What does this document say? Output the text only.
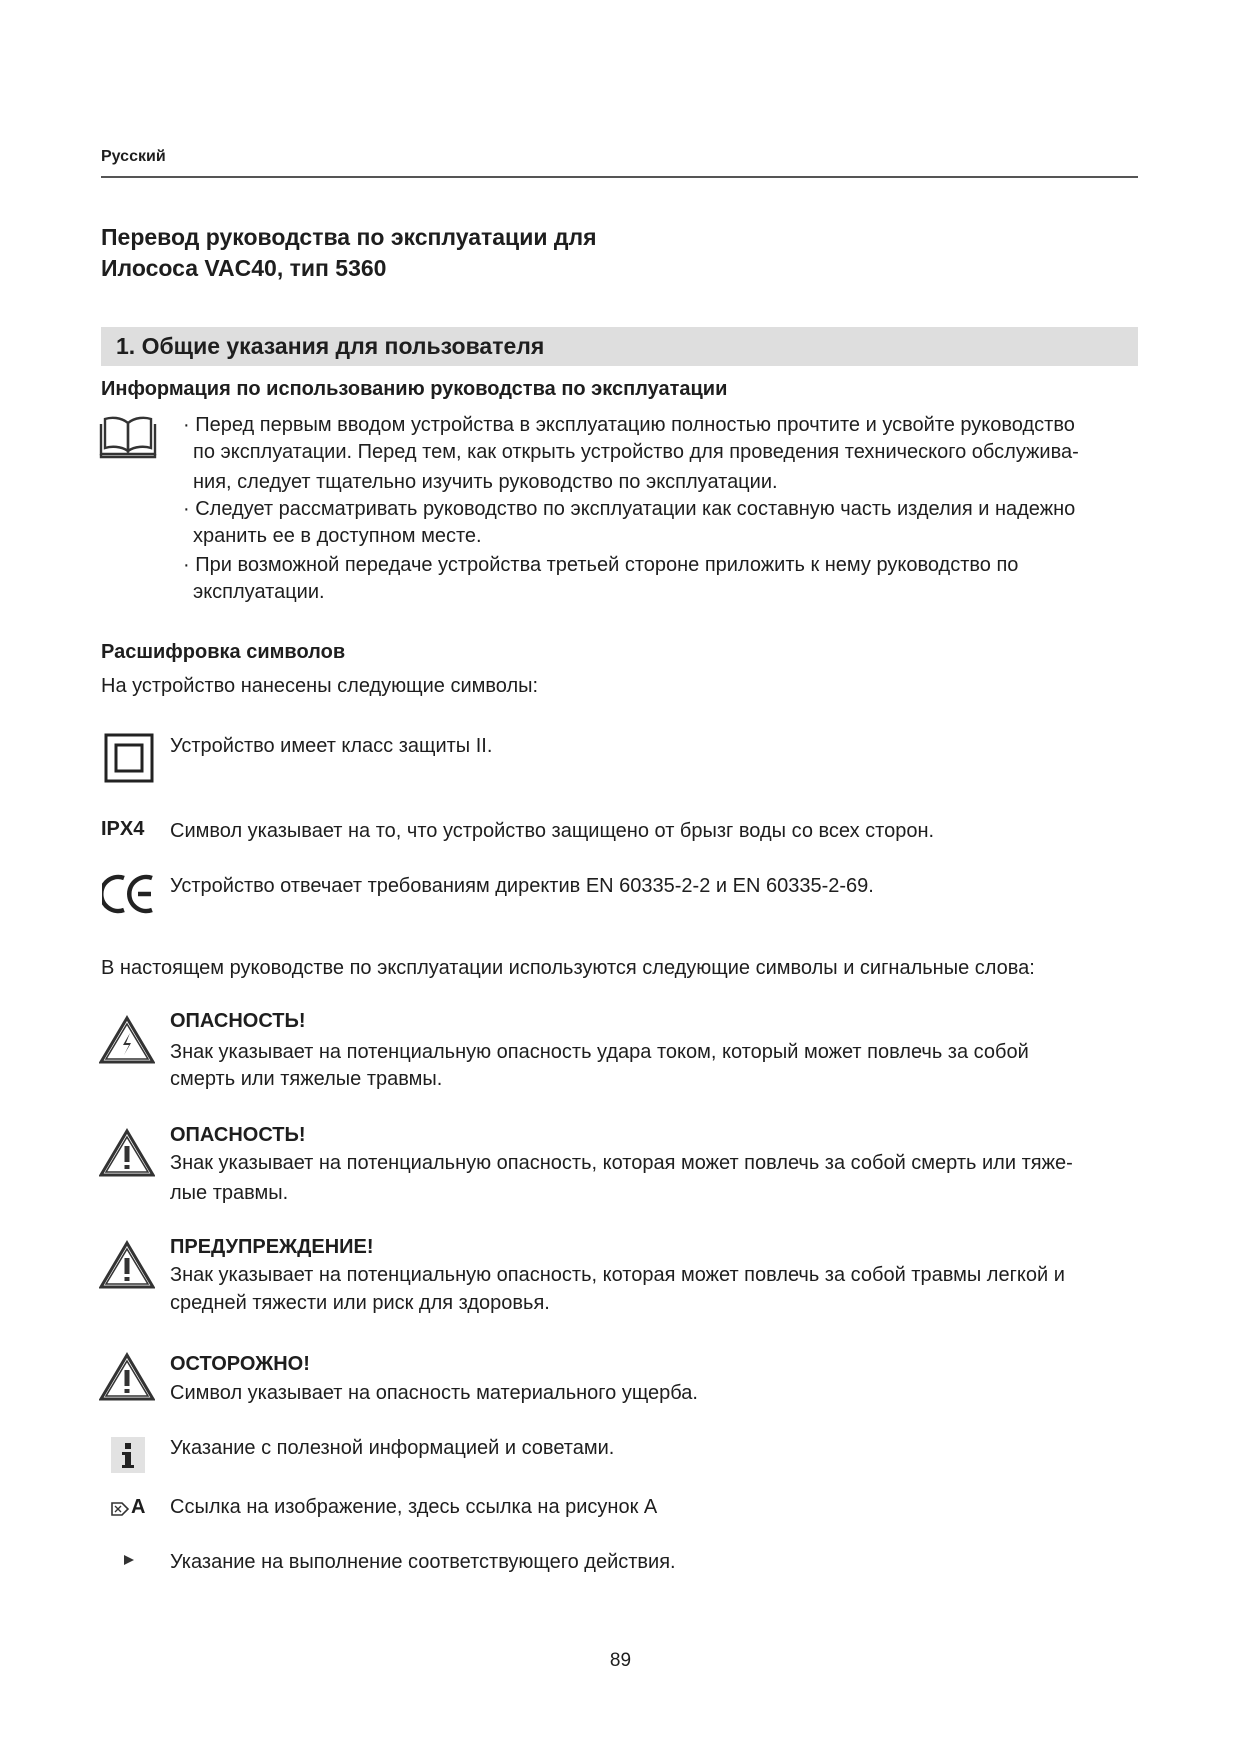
Русский
Перевод руководства по эксплуатации для
Илососа VAC40, тип 5360
1. Общие указания для пользователя
Информация по использованию руководства по эксплуатации
· Перед первым вводом устройства в эксплуатацию полностью прочтите и усвойте руководство
по эксплуатации. Перед тем, как открыть устройство для проведения технического обслужива-
ния, следует тщательно изучить руководство по эксплуатации.
· Следует рассматривать руководство по эксплуатации как составную часть изделия и надежно
хранить ее в доступном месте.
· При возможной передаче устройства третьей стороне приложить к нему руководство по
эксплуатации.
Расшифровка символов
На устройство нанесены следующие символы:
Устройство имеет класс защиты II.
IPX4 Символ указывает на то, что устройство защищено от брызг воды со всех сторон.
Устройство отвечает требованиям директив EN 60335-2-2 и EN 60335-2-69.
В настоящем руководстве по эксплуатации используются следующие символы и сигнальные слова:
ОПАСНОСТЬ!
Знак указывает на потенциальную опасность удара током, который может повлечь за собой
смерть или тяжелые травмы.
ОПАСНОСТЬ!
Знак указывает на потенциальную опасность, которая может повлечь за собой смерть или тяже-
лые травмы.
ПРЕДУПРЕЖДЕНИЕ!
Знак указывает на потенциальную опасность, которая может повлечь за собой травмы легкой и
средней тяжести или риск для здоровья.
ОСТОРОЖНО!
Символ указывает на опасность материального ущерба.
Указание с полезной информацией и советами.
A Ссылка на изображение, здесь ссылка на рисунок А
Указание на выполнение соответствующего действия.
89
